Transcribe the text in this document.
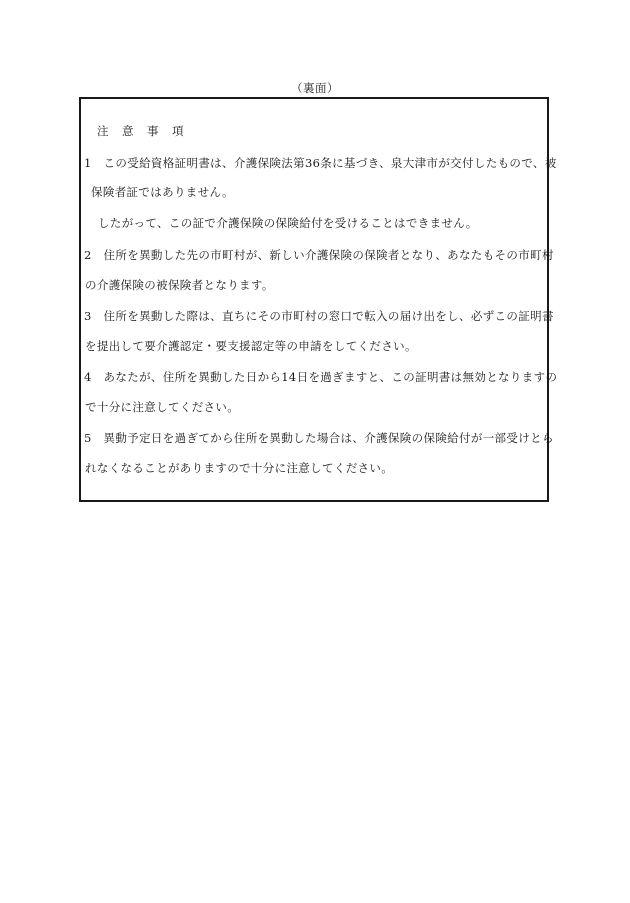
（裏面）
注　意　事　項
1　この受給資格証明書は、介護保険法第36条に基づき、泉大津市が交付したもので、被
保険者証ではありません。
したがって、この証で介護保険の保険給付を受けることはできません。
2　住所を異動した先の市町村が、新しい介護保険の保険者となり、あなたもその市町村
の介護保険の被保険者となります。
3　住所を異動した際は、直ちにその市町村の窓口で転入の届け出をし、必ずこの証明書
を提出して要介護認定・要支援認定等の申請をしてください。
4　あなたが、住所を異動した日から14日を過ぎますと、この証明書は無効となりますの
で十分に注意してください。
5　異動予定日を過ぎてから住所を異動した場合は、介護保険の保険給付が一部受けとら
れなくなることがありますので十分に注意してください。
